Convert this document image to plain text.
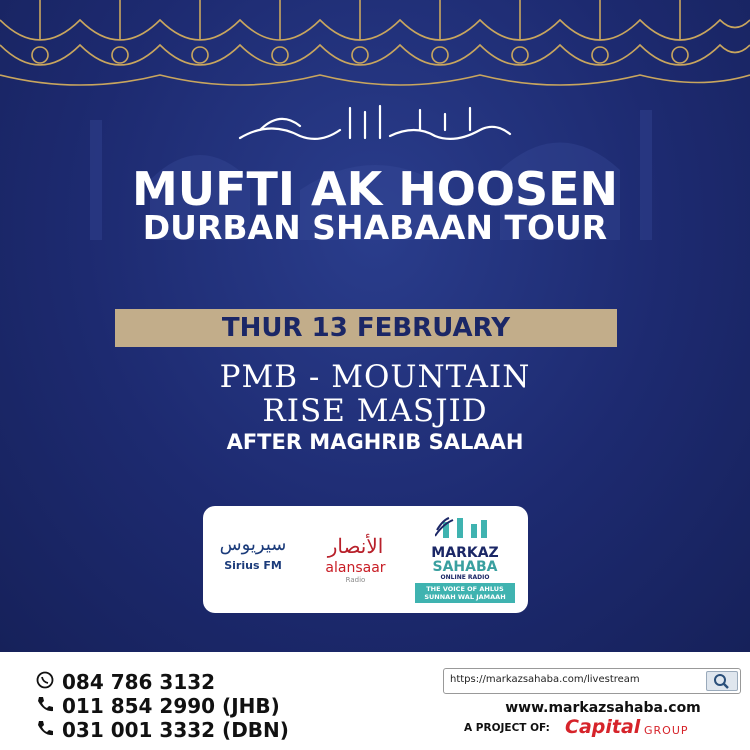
MUFTI AK HOOSEN
DURBAN SHABAAN TOUR
THUR 13 FEBRUARY
PMB - MOUNTAIN
RISE MASJID
AFTER MAGHRIB SALAAH
سيريوس
Sirius FM
الأنصار
alansaar
Radio
MARKAZ
SAHABA
ONLINE RADIO
THE VOICE OF AHLUS SUNNAH WAL JAMAAH
084 786 3132
011 854 2990 (JHB)
031 001 3332 (DBN)
https://markazsahaba.com/livestream
www.markazsahaba.com
A PROJECT OF: Capital GROUP
